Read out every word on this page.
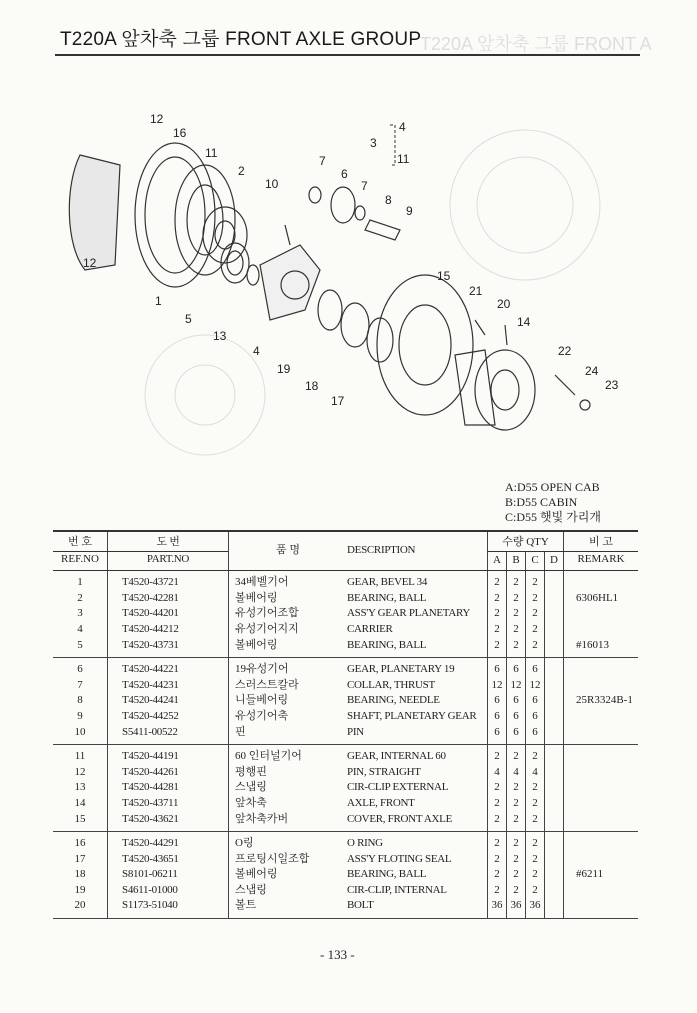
T220A 앞차축 그룹 FRONT A
T220A 앞차축 그룹 FRONT AXLE GROUP
12
16
11
2
10
7
6
7
8
9
3
4
11
12
1
5
13
4
15
21
20
14
19
18
17
22
24
23
A:D55 OPEN CAB
B:D55 CABIN
C:D55 햇빛 가리개
번 호	도 번	품 명	DESCRIPTION	수량 QTY				비 고
REF.NO	PART.NO			A	B	C	D	REMARK
1	T4520-43721	34베벨기어	GEAR, BEVEL 34	2	2	2		
2	T4520-42281	볼베어링	BEARING, BALL	2	2	2		6306HL1
3	T4520-44201	유성기어조합	ASS'Y GEAR PLANETARY	2	2	2		
4	T4520-44212	유성기어지지	CARRIER	2	2	2		
5	T4520-43731	볼베어링	BEARING, BALL	2	2	2		#16013
6	T4520-44221	19유성기어	GEAR, PLANETARY 19	6	6	6		
7	T4520-44231	스러스트칼라	COLLAR, THRUST	12	12	12		
8	T4520-44241	니들베어링	BEARING, NEEDLE	6	6	6		25R3324B-1
9	T4520-44252	유성기어축	SHAFT, PLANETARY GEAR	6	6	6		
10	S5411-00522	핀	PIN	6	6	6		
11	T4520-44191	60 인터널기어	GEAR, INTERNAL 60	2	2	2		
12	T4520-44261	평행핀	PIN, STRAIGHT	4	4	4		
13	T4520-44281	스냅링	CIR-CLIP EXTERNAL	2	2	2		
14	T4520-43711	앞차축	AXLE, FRONT	2	2	2		
15	T4520-43621	앞차축카버	COVER, FRONT AXLE	2	2	2		
16	T4520-44291	O링	O RING	2	2	2		
17	T4520-43651	프로팅시일조합	ASS'Y FLOTING SEAL	2	2	2		
18	S8101-06211	볼베어링	BEARING, BALL	2	2	2		#6211
19	S4611-01000	스냅링	CIR-CLIP, INTERNAL	2	2	2		
20	S1173-51040	볼트	BOLT	36	36	36		
- 133 -
